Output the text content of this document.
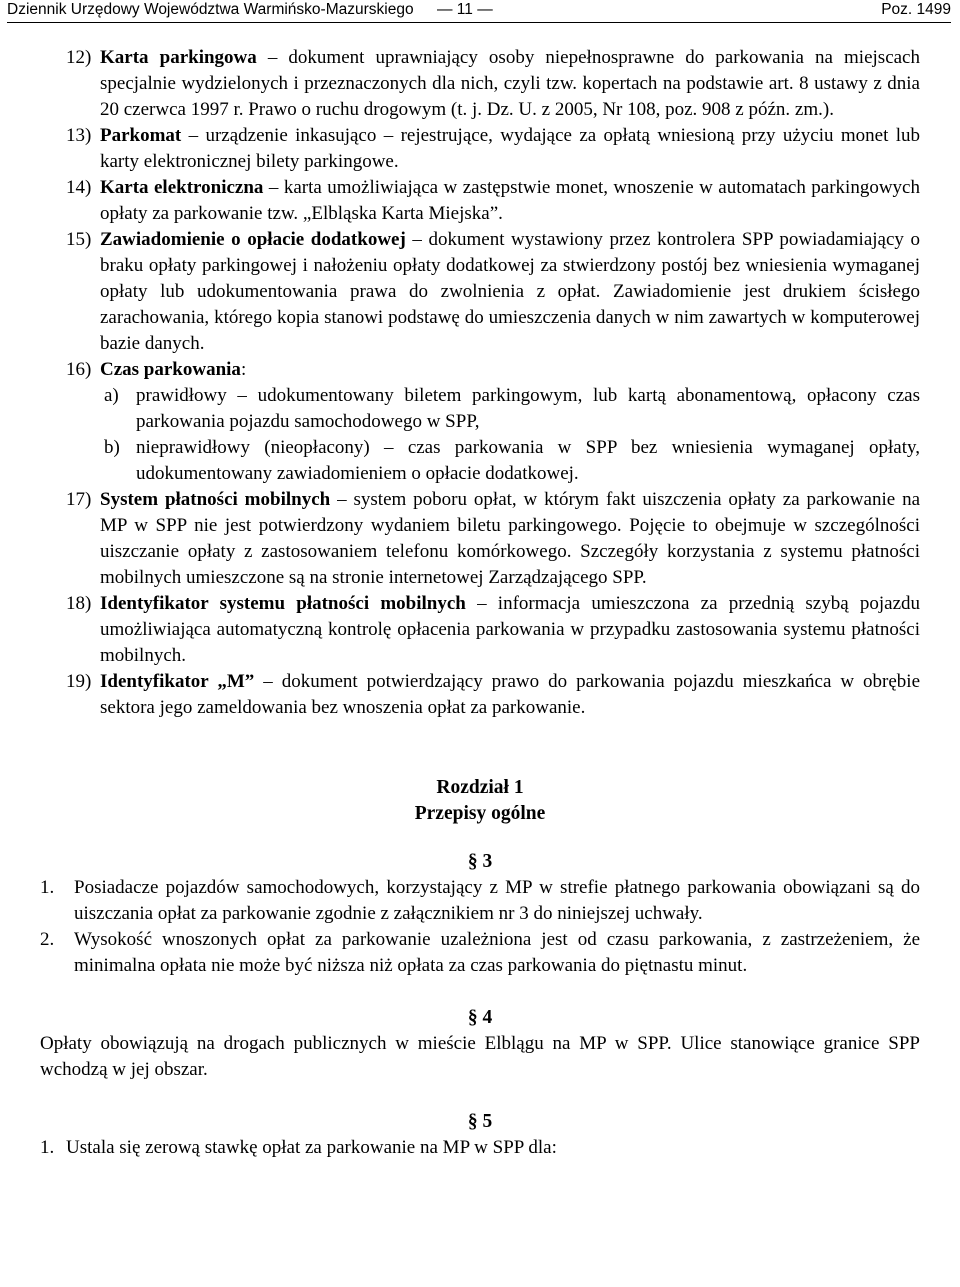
Dziennik Urzędowy Województwa Warmińsko-Mazurskiego — 11 —	Poz. 1499

12) Karta parkingowa – dokument uprawniający osoby niepełnosprawne do parkowania na miejscach specjalnie wydzielonych i przeznaczonych dla nich, czyli tzw. kopertach na podstawie art. 8 ustawy z dnia 20 czerwca 1997 r. Prawo o ruchu drogowym (t. j. Dz. U. z 2005, Nr 108, poz. 908 z późn. zm.).

13) Parkomat – urządzenie inkasująco – rejestrujące, wydające za opłatą wniesioną przy użyciu monet lub karty elektronicznej bilety parkingowe.

14) Karta elektroniczna – karta umożliwiająca w zastępstwie monet, wnoszenie w automatach parkingowych opłaty za parkowanie tzw. „Elbląska Karta Miejska”.

15) Zawiadomienie o opłacie dodatkowej – dokument wystawiony przez kontrolera SPP powiadamiający o braku opłaty parkingowej i nałożeniu opłaty dodatkowej za stwierdzony postój bez wniesienia wymaganej opłaty lub udokumentowania prawa do zwolnienia z opłat. Zawiadomienie jest drukiem ścisłego zarachowania, którego kopia stanowi podstawę do umieszczenia danych w nim zawartych w komputerowej bazie danych.

16) Czas parkowania:

a) prawidłowy – udokumentowany biletem parkingowym, lub kartą abonamentową, opłacony czas parkowania pojazdu samochodowego w SPP,

b) nieprawidłowy (nieopłacony) – czas parkowania w SPP bez wniesienia wymaganej opłaty, udokumentowany zawiadomieniem o opłacie dodatkowej.

17) System płatności mobilnych – system poboru opłat, w którym fakt uiszczenia opłaty za parkowanie na MP w SPP nie jest potwierdzony wydaniem biletu parkingowego. Pojęcie to obejmuje w szczególności uiszczanie opłaty z zastosowaniem telefonu komórkowego. Szczegóły korzystania z systemu płatności mobilnych umieszczone są na stronie internetowej Zarządzającego SPP.

18) Identyfikator systemu płatności mobilnych – informacja umieszczona za przednią szybą pojazdu umożliwiająca automatyczną kontrolę opłacenia parkowania w przypadku zastosowania systemu płatności mobilnych.

19) Identyfikator „M” – dokument potwierdzający prawo do parkowania pojazdu mieszkańca w obrębie sektora jego zameldowania bez wnoszenia opłat za parkowanie.

Rozdział 1

Przepisy ogólne

§ 3

1. Posiadacze pojazdów samochodowych, korzystający z MP w strefie płatnego parkowania obowiązani są do uiszczania opłat za parkowanie zgodnie z załącznikiem nr 3 do niniejszej uchwały.

2. Wysokość wnoszonych opłat za parkowanie uzależniona jest od czasu parkowania, z zastrzeżeniem, że minimalna opłata nie może być niższa niż opłata za czas parkowania do piętnastu minut.

§ 4

Opłaty obowiązują na drogach publicznych w mieście Elblągu na MP w SPP. Ulice stanowiące granice SPP wchodzą w jej obszar.

§ 5

1. Ustala się zerową stawkę opłat za parkowanie na MP w SPP dla:
